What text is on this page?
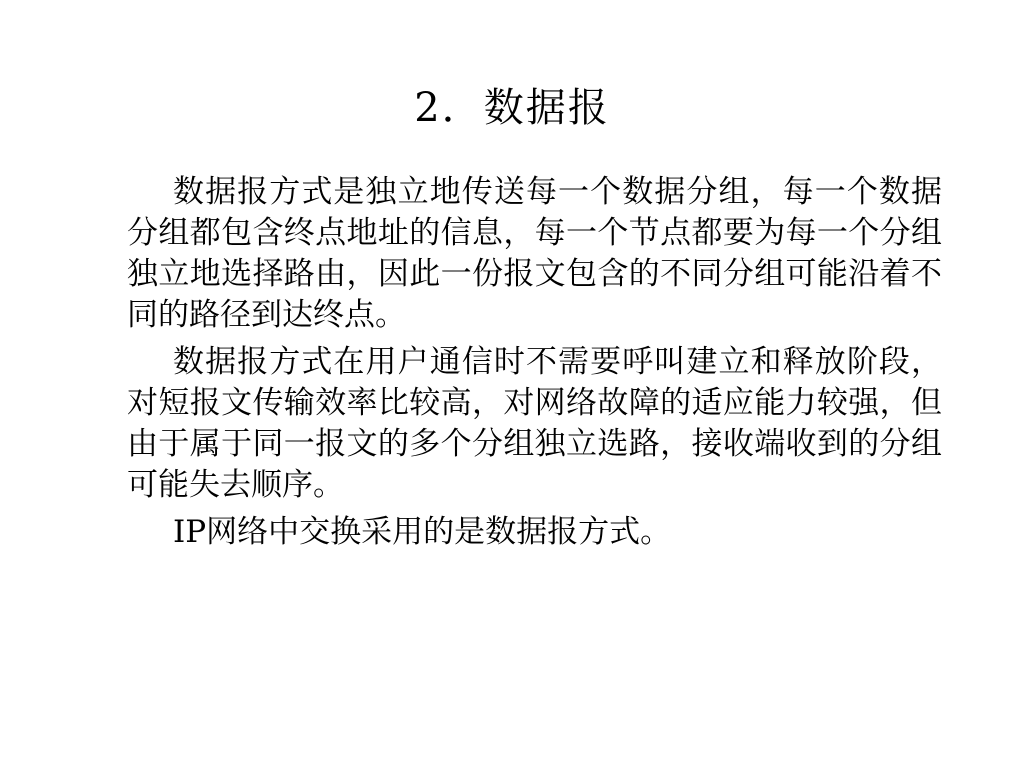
2．数据报

数据报方式是独立地传送每一个数据分组，每一个数据分组都包含终点地址的信息，每一个节点都要为每一个分组独立地选择路由，因此一份报文包含的不同分组可能沿着不同的路径到达终点。

数据报方式在用户通信时不需要呼叫建立和释放阶段，对短报文传输效率比较高，对网络故障的适应能力较强，但由于属于同一报文的多个分组独立选路，接收端收到的分组可能失去顺序。

IP网络中交换采用的是数据报方式。
